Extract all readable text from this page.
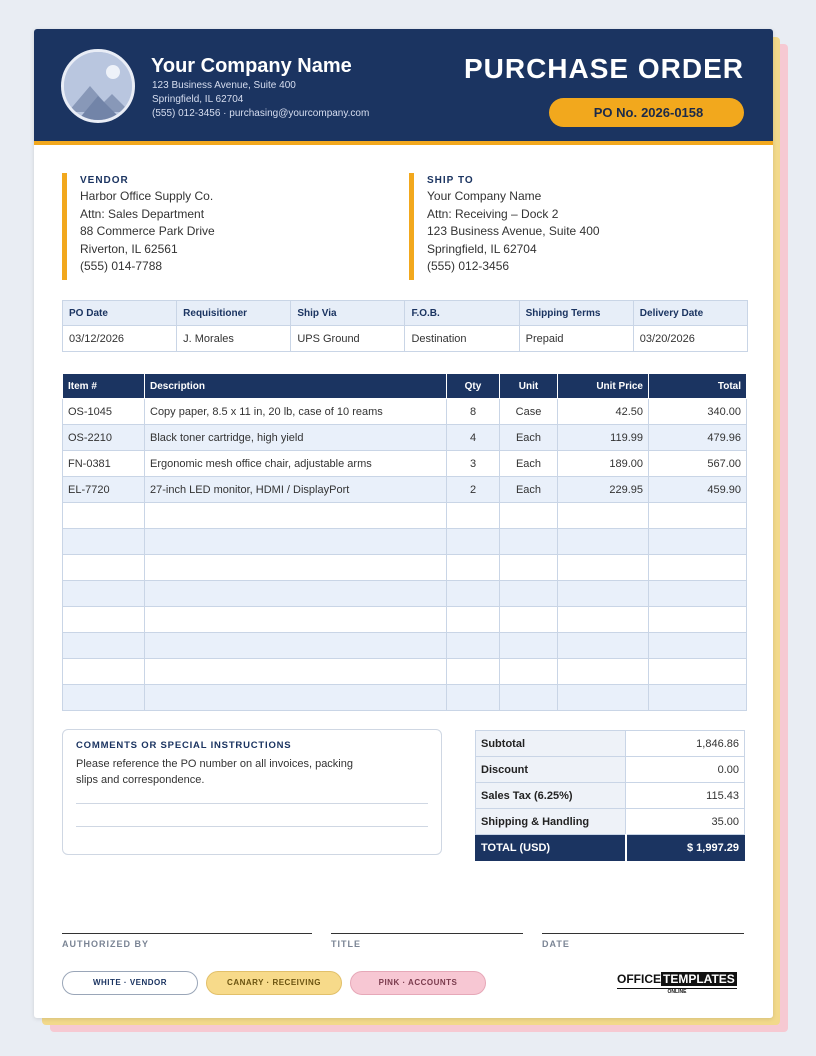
Your Company Name
123 Business Avenue, Suite 400
Springfield, IL 62704
(555) 012-3456 · purchasing@yourcompany.com
PURCHASE ORDER
PO No. 2026-0158
VENDOR
Harbor Office Supply Co.
Attn: Sales Department
88 Commerce Park Drive
Riverton, IL 62561
(555) 014-7788
SHIP TO
Your Company Name
Attn: Receiving – Dock 2
123 Business Avenue, Suite 400
Springfield, IL 62704
(555) 012-3456
PO Date	Requisitioner	Ship Via	F.O.B.	Shipping Terms	Delivery Date
03/12/2026	J. Morales	UPS Ground	Destination	Prepaid	03/20/2026
Item #	Description	Qty	Unit	Unit Price	Total
OS-1045	Copy paper, 8.5 x 11 in, 20 lb, case of 10 reams	8	Case	42.50	340.00
OS-2210	Black toner cartridge, high yield	4	Each	119.99	479.96
FN-0381	Ergonomic mesh office chair, adjustable arms	3	Each	189.00	567.00
EL-7720	27-inch LED monitor, HDMI / DisplayPort	2	Each	229.95	459.90

COMMENTS OR SPECIAL INSTRUCTIONS
Please reference the PO number on all invoices, packing slips and correspondence.
Subtotal	1,846.86
Discount	0.00
Sales Tax (6.25%)	115.43
Shipping & Handling	35.00
TOTAL (USD)	$ 1,997.29
AUTHORIZED BY	TITLE	DATE
WHITE · VENDOR	CANARY · RECEIVING	PINK · ACCOUNTS	OFFICE TEMPLATES
ONLINE
